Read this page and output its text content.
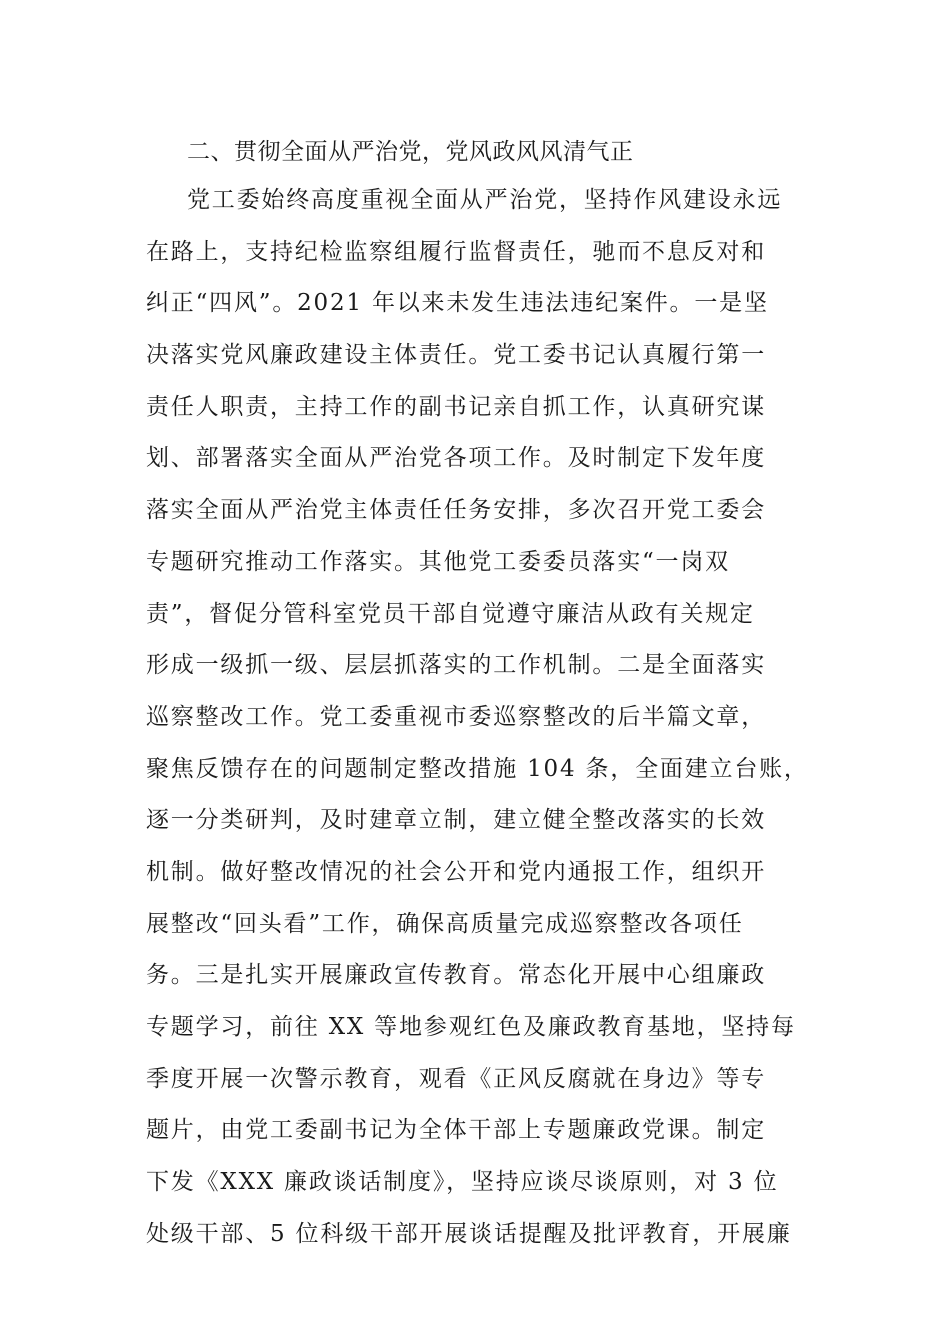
二、贯彻全面从严治党，党风政风风清气正
党工委始终高度重视全面从严治党，坚持作风建设永远
在路上，支持纪检监察组履行监督责任，驰而不息反对和
纠正“四风”。2021 年以来未发生违法违纪案件。一是坚
决落实党风廉政建设主体责任。党工委书记认真履行第一
责任人职责，主持工作的副书记亲自抓工作，认真研究谋
划、部署落实全面从严治党各项工作。及时制定下发年度
落实全面从严治党主体责任任务安排，多次召开党工委会
专题研究推动工作落实。其他党工委委员落实“一岗双
责”，督促分管科室党员干部自觉遵守廉洁从政有关规定
形成一级抓一级、层层抓落实的工作机制。二是全面落实
巡察整改工作。党工委重视市委巡察整改的后半篇文章，
聚焦反馈存在的问题制定整改措施 104 条，全面建立台账，
逐一分类研判，及时建章立制，建立健全整改落实的长效
机制。做好整改情况的社会公开和党内通报工作，组织开
展整改“回头看”工作，确保高质量完成巡察整改各项任
务。三是扎实开展廉政宣传教育。常态化开展中心组廉政
专题学习，前往 XX 等地参观红色及廉政教育基地，坚持每
季度开展一次警示教育，观看《正风反腐就在身边》等专
题片，由党工委副书记为全体干部上专题廉政党课。制定
下发《XXX 廉政谈话制度》，坚持应谈尽谈原则，对 3 位
处级干部、5 位科级干部开展谈话提醒及批评教育，开展廉
